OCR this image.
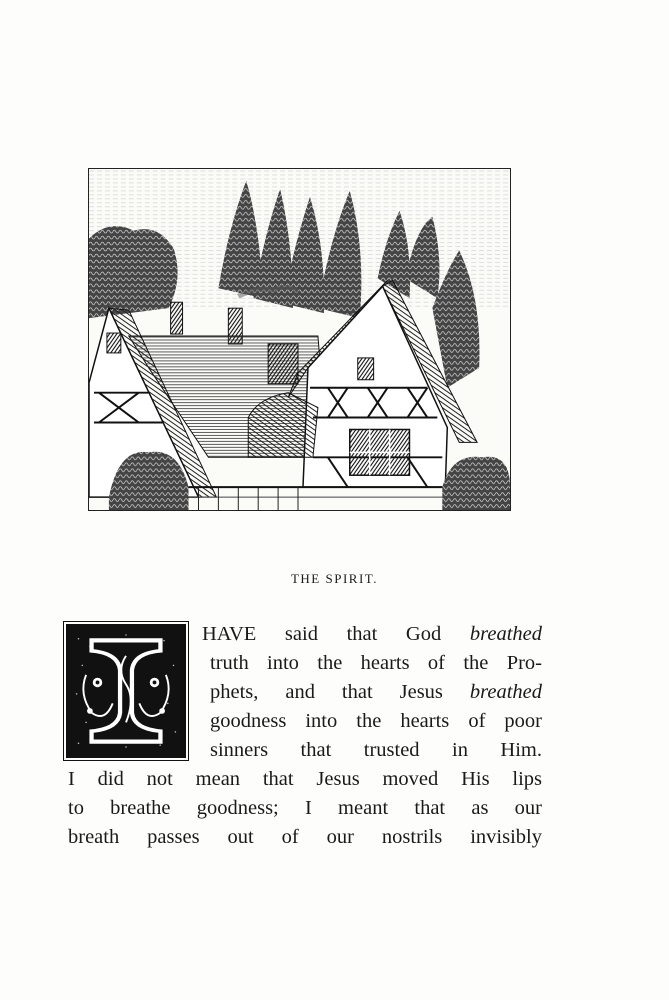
THE SPIRIT.
HAVE said that God breathed
truth into the hearts of the Pro-
phets, and that Jesus breathed
goodness into the hearts of poor
sinners that trusted in Him.
I did not mean that Jesus moved His lips
to breathe goodness; I meant that as our
breath passes out of our nostrils invisibly
